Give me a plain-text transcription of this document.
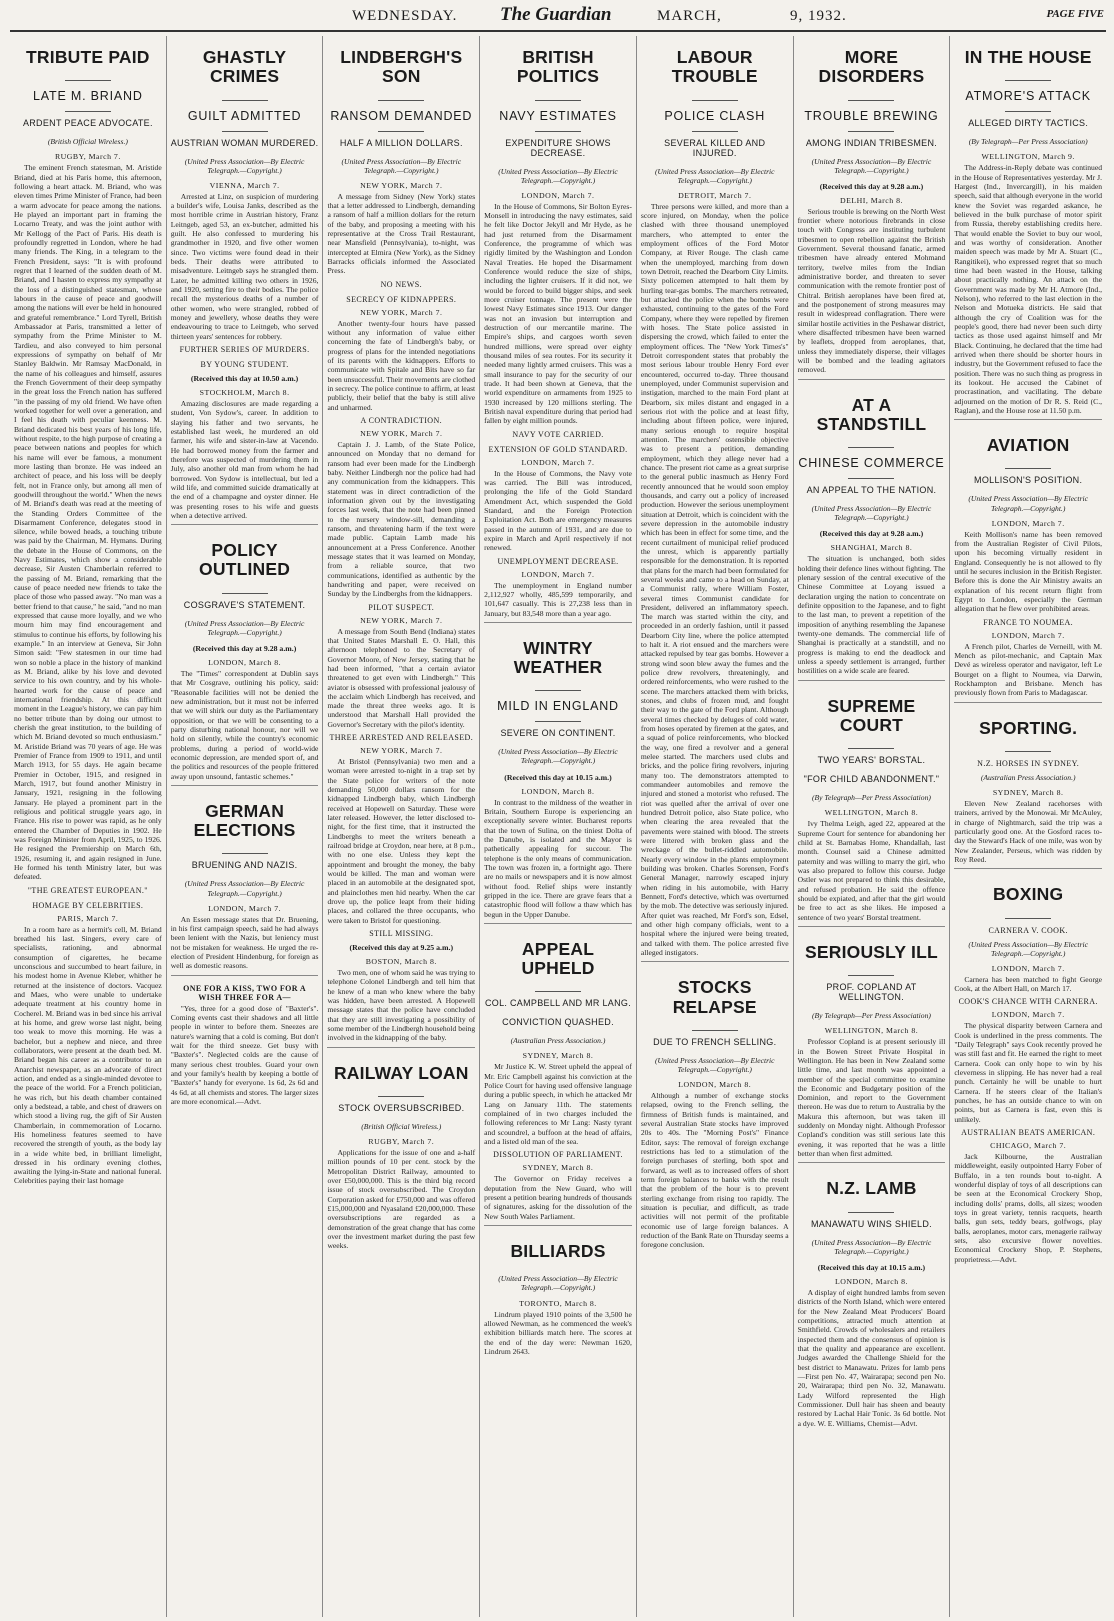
WEDNESDAY. The Guardian	MARCH,	9, 1932.	PAGE FIVE
TRIBUTE PAID
LATE M. BRIAND
ARDENT PEACE ADVOCATE.
(British Official Wireless.)
RUGBY, March 7.

The eminent French statesman, M. Aristide Briand, died at his Paris home, this afternoon, following a heart attack. M. Briand, who was eleven times Prime Minister of France, had been a warm advocate for peace among the nations. He played an important part in framing the Locarno Treaty, and was the joint author with Mr Kellogg of the Pact of Paris. His death is profoundly regretted in London, where he had many friends. The King, in a telegram to the French President, says: "It is with profound regret that I learned of the sudden death of M. Briand, and I hasten to express my sympathy at the loss of a distinguished statesman, whose labours in the cause of peace and goodwill among the nations will ever be held in honoured and grateful remembrance." Lord Tyrell, British Ambassador at Paris, transmitted a letter of sympathy from the Prime Minister to M. Tardieu, and also conveyed to him personal expressions of sympathy on behalf of Mr Stanley Baldwin. Mr Ramsay MacDonald, in the name of his colleagues and himself, assures the French Government of their deep sympathy in the great loss the French nation has suffered "in the passing of my old friend. We have often worked together for well over a generation, and I feel his death with peculiar keenness. M. Briand dedicated his best years of his long life, without respite, to the high purpose of creating a peace between nations and peoples for which his name will ever be famous, a monument more lasting than bronze. He was indeed an architect of peace, and his loss will be deeply felt, not in France only, but among all men of goodwill throughout the world." When the news of M. Briand's death was read at the meeting of the Standing Orders Committee of the Disarmament Conference, delegates stood in silence, while bowed heads, a touching tribute was paid by the Chairman, M. Hymans. During the debate in the House of Commons, on the Navy Estimates, which show a considerable decrease, Sir Austen Chamberlain referred to the passing of M. Briand, remarking that the cause of peace needed new friends to take the place of those who passed away. "No man was a better friend to that cause," he said, "and no man expressed that cause more loyally, and we who mourn him may find encouragement and stimulus to continue his efforts, by following his example." In an interview at Geneva, Sir John Simon said: "Few statesmen in our time had won so noble a place in the history of mankind as M. Briand, alike by his love and devoted service to his own country, and by his whole-hearted work for the cause of peace and international friendship. At this difficult moment in the League's history, we can pay him no better tribute than by doing our utmost to cherish the great institution, to the building of which M. Briand devoted so much enthusiasm." M. Aristide Briand was 70 years of age. He was Premier of France from 1909 to 1911, and until March 1913, for 55 days. He again became Premier in October, 1915, and resigned in March, 1917, but found another Ministry in January, 1921, resigning in the following January. He played a prominent part in the religious and political struggle years ago, in France. His rise to power was rapid, as he only entered the Chamber of Deputies in 1902. He was Foreign Minister from April, 1925, to 1926. He resigned the Premiership on March 6th, 1926, resuming it, and again resigned in June. He formed his tenth Ministry later, but was defeated.

"THE GREATEST EUROPEAN."
HOMAGE BY CELEBRITIES.
PARIS, March 7.

In a room hare as a hermit's cell, M. Briand breathed his last. Singers, every care of specialists, rationing, and abnormal consumption of cigarettes, he became unconscious and succumbed to heart failure, in his modest home in Avenue Kleber, whither he returned at the insistence of doctors. Vacquez and Maes, who were unable to undertake adequate treatment at his country home in Cocherel. M. Briand was in bed since his arrival at his home, and grew worse last night, being too weak to move this morning. He was a bachelor, but a nephew and niece, and three collaborators, were present at the death bed. M. Briand began his career as a contributor to an Anarchist newspaper, as an advocate of direct action, and ended as a single-minded devotee to the peace of the world. For a French politician, he was rich, but his death chamber contained only a bedstead, a table, and chest of drawers on which stood a living rug, the gift of Sir Austen Chamberlain, in commemoration of Locarno. His homeliness features seemed to have recovered the strength of youth, as the body lay in a wide white bed, in brilliant limelight, dressed in his ordinary evening clothes, awaiting the lying-in-State and national funeral. Celebrities paying their last homage

GHASTLY CRIMES
GUILT ADMITTED
AUSTRIAN WOMAN MURDERED.
(United Press Association—By Electric Telegraph.—Copyright.)
VIENNA, March 7.

Arrested at Linz, on suspicion of murdering a builder's wife, Louisa Janks, described as the most horrible crime in Austrian history, Franz Leitngeb, aged 53, an ex-butcher, admitted his guilt. He also confessed to murdering his grandmother in 1920, and five other women since. Two victims were found dead in their beds. Their deaths were attributed to misadventure. Leitngeb says he strangled them. Later, he admitted killing two others in 1926, and 1920, setting fire to their bodies. The police recall the mysterious deaths of a number of other women, who were strangled, robbed of money and jewellery, whose deaths they were endeavouring to trace to Leitngeb, who served thirteen years' sentences for robbery.

FURTHER SERIES OF MURDERS.
BY YOUNG STUDENT.
(Received this day at 10.50 a.m.)
STOCKHOLM, March 8.

Amazing disclosures are made regarding a student, Von Sydow's, career. In addition to slaying his father and two servants, he established last week, he murdered an old farmer, his wife and sister-in-law at Vacendo. He had borrowed money from the farmer and therefore was suspected of murdering them in July, also another old man from whom he had borrowed. Von Sydow is intellectual, but led a wild life, and committed suicide dramatically at the end of a champagne and oyster dinner. He was presenting roses to his wife and guests when a detective arrived.

POLICY OUTLINED
COSGRAVE'S STATEMENT.
(United Press Association—By Electric Telegraph.—Copyright.)
(Received this day at 9.28 a.m.)
LONDON, March 8.

The "Times" correspondent at Dublin says that Mr Cosgrave, outlining his policy, said: "Reasonable facilities will not be denied the new administration, but it must not be inferred that we will shirk our duty as the Parliamentary opposition, or that we will be consenting to a party disturbing national honour, nor will we hold on silently, while the country's economic problems, during a period of world-wide economic depression, are mended sport of, and the politics and resources of the people frittered away upon unsound, fantastic schemes."

GERMAN ELECTIONS
BRUENING AND NAZIS.
(United Press Association—By Electric Telegraph.—Copyright.)
LONDON, March 7.

An Essen message states that Dr. Bruening, in his first campaign speech, said he had always been lenient with the Nazis, but leniency must not be mistaken for weakness. He urged the re-election of President Hindenburg, for foreign as well as domestic reasons.

ONE FOR A KISS, TWO FOR A WISH THREE FOR A—

"Yes, three for a good dose of "Baxter's". Coming events cast their shadows and all little people in winter to before them. Sneezes are nature's warning that a cold is coming. But don't wait for the third sneeze. Get busy with "Baxter's". Neglected colds are the cause of many serious chest troubles. Guard your own and your family's health by keeping a bottle of "Baxter's" handy for everyone. 1s 6d, 2s 6d and 4s 6d, at all chemists and stores. The larger sizes are more economical.—Advt.

LINDBERGH'S SON
RANSOM DEMANDED
HALF A MILLION DOLLARS.
(United Press Association—By Electric Telegraph.—Copyright.)
NEW YORK, March 7.

A message from Sidney (New York) states that a letter addressed to Lindbergh, demanding a ransom of half a million dollars for the return of the baby, and proposing a meeting with his representative at the Cross Trail Restaurant, near Mansfield (Pennsylvania), to-night, was intercepted at Elmira (New York), as the Sidney Barracks officials informed the Associated Press.

NO NEWS.
SECRECY OF KIDNAPPERS.
NEW YORK, March 7.

Another twenty-four hours have passed without any information of value either concerning the fate of Lindbergh's baby, or progress of plans for the intended negotiations of its parents with the kidnappers. Efforts to communicate with Spitale and Bits have so far been unsuccessful. Their movements are clothed in secrecy. The police continue to affirm, at least publicly, their belief that the baby is still alive and unharmed.

A CONTRADICTION.
NEW YORK, March 7.

Captain J. J. Lamb, of the State Police, announced on Monday that no demand for ransom had ever been made for the Lindbergh baby. Neither Lindbergh nor the police had had any communication from the kidnappers. This statement was in direct contradiction of the information given out by the investigating forces last week, that the note had been pinned to the nursery window-sill, demanding a ransom, and threatening harm if the text were made public. Captain Lamb made his announcement at a Press Conference. Another message states that it was learned on Monday, from a reliable source, that two communications, identified as authentic by the handwriting and paper, were received on Sunday by the Lindberghs from the kidnappers.

PILOT SUSPECT.
NEW YORK, March 7.

A message from South Bend (Indiana) states that United States Marshall E. O. Hall, this afternoon telephoned to the Secretary of Governor Moore, of New Jersey, stating that he had been informed, "that a certain aviator threatened to get even with Lindbergh." This aviator is obsessed with professional jealousy of the acclaim which Lindbergh has received, and made the threat three weeks ago. It is understood that Marshall Hall provided the Governor's Secretary with the pilot's identity.

THREE ARRESTED AND RELEASED.
NEW YORK, March 7.

At Bristol (Pennsylvania) two men and a woman were arrested to-night in a trap set by the State police for writers of the note demanding 50,000 dollars ransom for the kidnapped Lindbergh baby, which Lindbergh received at Hopewell on Saturday. These were later released. However, the letter disclosed to-night, for the first time, that it instructed the Lindberghs to meet the writers beneath a railroad bridge at Croydon, near here, at 8 p.m., with no one else. Unless they kept the appointment and brought the money, the baby would be killed. The man and woman were placed in an automobile at the designated spot, and plainclothes men hid nearby. When the car drove up, the police leapt from their hiding places, and collared the three occupants, who were taken to Bristol for questioning.

STILL MISSING.
(Received this day at 9.25 a.m.)
BOSTON, March 8.

Two men, one of whom said he was trying to telephone Colonel Lindbergh and tell him that he knew of a man who knew where the baby was hidden, have been arrested. A Hopewell message states that the police have concluded that they are still investigating a possibility of some member of the Lindbergh household being involved in the kidnapping of the baby.

RAILWAY LOAN
STOCK OVERSUBSCRIBED.
(British Official Wireless.)
RUGBY, March 7.

Applications for the issue of one and a-half million pounds of 10 per cent. stock by the Metropolitan District Railway, amounted to over £50,000,000. This is the third big record issue of stock oversubscribed. The Croydon Corporation asked for £750,000 and was offered £15,000,000 and Nyasaland £20,000,000. These oversubscriptions are regarded as a demonstration of the great change that has come over the investment market during the past few weeks.

BRITISH POLITICS
NAVY ESTIMATES
EXPENDITURE SHOWS DECREASE.
(United Press Association—By Electric Telegraph.—Copyright.)
LONDON, March 7.

In the House of Commons, Sir Bolton Eyres-Monsell in introducing the navy estimates, said he felt like Doctor Jekyll and Mr Hyde, as he had just returned from the Disarmament Conference, the programme of which was rigidly limited by the Washington and London Naval Treaties. He hoped the Disarmament Conference would reduce the size of ships, including the lighter cruisers. If it did not, we would be forced to build bigger ships, and seek more cruiser tonnage. The present were the lowest Navy Estimates since 1913. Our danger was not an invasion but interruption and destruction of our mercantile marine. The Empire's ships, and cargoes worth seven hundred millions, were spread over eighty thousand miles of sea routes. For its security it needed many lightly armed cruisers. This was a small insurance to pay for the security of our trade. It had been shown at Geneva, that the world expenditure on armaments from 1925 to 1930 increased by 120 millions sterling. The British naval expenditure during that period had fallen by eight million pounds.

NAVY VOTE CARRIED.
EXTENSION OF GOLD STANDARD.
LONDON, March 7.

In the House of Commons, the Navy vote was carried. The Bill was introduced, prolonging the life of the Gold Standard Amendment Act, which suspended the Gold Standard, and the Foreign Protection Exploitation Act. Both are emergency measures passed in the autumn of 1931, and are due to expire in March and April respectively if not renewed.

UNEMPLOYMENT DECREASE.
LONDON, March 7.

The unemployment in England number 2,112,927 wholly, 485,599 temporarily, and 101,647 casually. This is 27,238 less than in January, but 83,548 more than a year ago.

WINTRY WEATHER
MILD IN ENGLAND
SEVERE ON CONTINENT.
(United Press Association—By Electric Telegraph.—Copyright.)
(Received this day at 10.15 a.m.)
LONDON, March 8.

In contrast to the mildness of the weather in Britain, Southern Europe is experiencing an exceptionally severe winter. Bucharest reports that the town of Sulina, on the tiniest Dolta of the Danube, is isolated and the Mayor is pathetically appealing for succour. The telephone is the only means of communication. The town was frozen in, a fortnight ago. There are no mails or newspapers and it is now almost without food. Relief ships were instantly gripped in the ice. There are grave fears that a catastrophic flood will follow a thaw which has begun in the Upper Danube.

APPEAL UPHELD
COL. CAMPBELL AND MR LANG.
CONVICTION QUASHED.
(Australian Press Association.)
SYDNEY, March 8.

Mr Justice K. W. Street upheld the appeal of Mr. Eric Campbell against his conviction at the Police Court for having used offensive language during a public speech, in which he attacked Mr Lang on January 11th. The statements complained of in two charges included the following references to Mr Lang: Nasty tyrant and scoundrel, a buffoon at the head of affairs, and a listed old man of the sea.

DISSOLUTION OF PARLIAMENT.
SYDNEY, March 8.

The Governor on Friday receives a deputation from the New Guard, who will present a petition bearing hundreds of thousands of signatures, asking for the dissolution of the New South Wales Parliament.

BILLIARDS
(United Press Association—By Electric Telegraph.—Copyright.)
TORONTO, March 8.

Lindrum played 1910 points of the 3,500 he allowed Newman, as he commenced the week's exhibition billiards match here. The scores at the end of the day were: Newman 1620, Lindrum 2643.

LABOUR TROUBLE
POLICE CLASH
SEVERAL KILLED AND INJURED.
(United Press Association—By Electric Telegraph.—Copyright.)
DETROIT, March 7.

Three persons were killed, and more than a score injured, on Monday, when the police clashed with three thousand unemployed marchers, who attempted to enter the employment offices of the Ford Motor Company, at River Rouge. The clash came when the unemployed, marching from down town Detroit, reached the Dearborn City Limits. Sixty policemen attempted to halt them by hurling tear-gas bombs. The marchers retreated, but attacked the police when the bombs were exhausted, continuing to the gates of the Ford Company, where they were repelled by firemen with hoses. The State police assisted in dispersing the crowd, which failed to enter the employment offices. The "New York Times's" Detroit correspondent states that probably the most serious labour trouble Henry Ford ever encountered, occurred to-day. Three thousand unemployed, under Communist supervision and instigation, marched to the main Ford plant at Dearborn, six miles distant and engaged in a serious riot with the police and at least fifty, including about fifteen police, were injured, many serious enough to require hospital attention. The marchers' ostensible objective was to present a petition, demanding employment, which they allege never had a chance. The present riot came as a great surprise to the general public inasmuch as Henry Ford recently announced that he would soon employ thousands, and carry out a policy of increased production. However the serious unemployment situation at Detroit, which is coincident with the severe depression in the automobile industry which has been in effect for some time, and the recent curtailment of municipal relief produced the unrest, which is apparently partially responsible for the demonstration. It is reported that plans for the march had been formulated for several weeks and came to a head on Sunday, at a Communist rally, where William Foster, several times Communist candidate for President, delivered an inflammatory speech. The march was started within the city, and proceeded in an orderly fashion, until it passed Dearborn City line, where the police attempted to halt it. A riot ensued and the marchers were attacked repulsed by tear gas bombs. However a strong wind soon blew away the fumes and the police drew revolvers, threateningly, and ordered reinforcements, who were rushed to the scene. The marchers attacked them with bricks, stones, and clubs of frozen mud, and fought their way to the gate of the Ford plant. Although several times checked by deluges of cold water, from hoses operated by firemen at the gates, and a squad of police reinforcements, who blocked the way, one fired a revolver and a general melee started. The marchers used clubs and bricks, and the police firing revolvers, injuring many too. The demonstrators attempted to commandeer automobiles and remove the injured and stoned a motorist who refused. The riot was quelled after the arrival of over one hundred Detroit police, also State police, who when clearing the area revealed that the pavements were stained with blood. The streets were littered with broken glass and the wreckage of the bullet-riddled automobile. Nearly every window in the plants employment building was broken. Charles Sorensen, Ford's General Manager, narrowly escaped injury when riding in his automobile, with Harry Bennett, Ford's detective, which was overturned by the mob. The detective was seriously injured. After quiet was reached, Mr Ford's son, Edsel, and other high company officials, went to a hospital where the injured were being treated, and talked with them. The police arrested five alleged instigators.

STOCKS RELAPSE
DUE TO FRENCH SELLING.
(United Press Association—By Electric Telegraph.—Copyright.)
LONDON, March 8.

Although a number of exchange stocks relapsed, owing to the French selling, the firmness of British funds is maintained, and several Australian State stocks have improved 20s to 40s. The "Morning Post's" Finance Editor, says: The removal of foreign exchange restrictions has led to a stimulation of the foreign purchases of sterling, both spot and forward, as well as to increased offers of short term foreign balances to banks with the result that the problem of the hour is to prevent sterling exchange from rising too rapidly. The situation is peculiar, and difficult, as trade activities will not permit of the profitable economic use of large foreign balances. A reduction of the Bank Rate on Thursday seems a foregone conclusion.

MORE DISORDERS
TROUBLE BREWING
AMONG INDIAN TRIBESMEN.
(United Press Association—By Electric Telegraph.—Copyright.)
(Received this day at 9.28 a.m.)
DELHI, March 8.

Serious trouble is brewing on the North West frontier where notorious firebrands in close touch with Congress are instituting turbulent tribesmen to open rebellion against the British Government. Several thousand fanatic, armed tribesmen have already entered Mohmand territory, twelve miles from the Indian administrative border, and threaten to sever communication with the remote frontier post of Chitral. British aeroplanes have been fired at, and the postponement of strong measures may result in widespread conflagration. There were similar hostile activities in the Peshawar district, where disaffected tribesmen have been warned by leaflets, dropped from aeroplanes, that, unless they immediately disperse, their villages will be bombed and the leading agitators removed.

AT A STANDSTILL
CHINESE COMMERCE
AN APPEAL TO THE NATION.
(United Press Association—By Electric Telegraph.—Copyright.)
(Received this day at 9.28 a.m.)
SHANGHAI, March 8.

The situation is unchanged, both sides holding their defence lines without fighting. The plenary session of the central executive of the Chinese Committee at Loyang issued a declaration urging the nation to concentrate on definite opposition to the Japanese, and to fight to the last man, to prevent a repetition of the imposition of anything resembling the Japanese twenty-one demands. The commercial life of Shanghai is practically at a standstill, and no progress is making to end the deadlock and unless a speedy settlement is arranged, further hostilities on a wide scale are feared.

SUPREME COURT
TWO YEARS' BORSTAL.
"FOR CHILD ABANDONMENT."
(By Telegraph—Per Press Association)
WELLINGTON, March 8.

Ivy Thelma Leigh, aged 22, appeared at the Supreme Court for sentence for abandoning her child at St. Barnabas Home, Khandallah, last month. Counsel said a Chinese admitted paternity and was willing to marry the girl, who was also prepared to follow this course. Judge Ostler was not prepared to think this desirable, and refused probation. He said the offence should be expiated, and after that the girl would be free to act as she likes. He imposed a sentence of two years' Borstal treatment.

SERIOUSLY ILL
PROF. COPLAND AT WELLINGTON.
(By Telegraph—Per Press Association)
WELLINGTON, March 8.

Professor Copland is at present seriously ill in the Bowen Street Private Hospital in Wellington. He has been in New Zealand some little time, and last month was appointed a member of the special committee to examine the Economic and Budgetary position of the Dominion, and report to the Government thereon. He was due to return to Australia by the Makura this afternoon, but was taken ill suddenly on Monday night. Although Professor Copland's condition was still serious late this evening, it was reported that he was a little better than when first admitted.

N.Z. LAMB
MANAWATU WINS SHIELD.
(United Press Association—By Electric Telegraph.—Copyright.)
(Received this day at 10.15 a.m.)
LONDON, March 8.

A display of eight hundred lambs from seven districts of the North Island, which were entered for the New Zealand Meat Producers' Board competitions, attracted much attention at Smithfield. Crowds of wholesalers and retailers inspected them and the consensus of opinion is that the quality and appearance are excellent. Judges awarded the Challenge Shield for the best district to Manawatu. Prizes for lamb pens—First pen No. 47, Wairarapa; second pen No. 20, Wairarapa; third pen No. 32, Manawatu. Lady Wilford represented the High Commissioner. Dull hair has sheen and beauty restored by Lachal Hair Tonic. 3s 6d bottle. Not a dye. W. E. Williams, Chemist—Advt.

IN THE HOUSE
ATMORE'S ATTACK
ALLEGED DIRTY TACTICS.
(By Telegraph—Per Press Association)
WELLINGTON, March 9.

The Address-in-Reply debate was continued in the House of Representatives yesterday. Mr J. Hargest (Ind., Invercargill), in his maiden speech, said that although everyone in the world knew the Soviet was regarded askance, he believed in the bulk purchase of motor spirit from Russia, thereby establishing credits here. That would enable the Soviet to buy our wool, and was worthy of consideration. Another maiden speech was made by Mr A. Stuart (C., Rangitikei), who expressed regret that so much time had been wasted in the House, talking about practically nothing. An attack on the Government was made by Mr H. Atmore (Ind., Nelson), who referred to the last election in the Nelson and Motueka districts. He said that although the cry of Coalition was for the people's good, there had never been such dirty tactics as those used against himself and Mr Black. Continuing, he declared that the time had arrived when there should be shorter hours in industry, but the Government refused to face the position. There was no such thing as progress in its lookout. He accused the Cabinet of procrastination, and vacillating. The debate adjourned on the motion of Dr R. S. Reid (C., Raglan), and the House rose at 11.50 p.m.

AVIATION
MOLLISON'S POSITION.
(United Press Association—By Electric Telegraph.—Copyright.)
LONDON, March 7.

Keith Mollison's name has been removed from the Australian Register of Civil Pilots, upon his becoming virtually resident in England. Consequently he is not allowed to fly until he secures inclusion in the British Register. Before this is done the Air Ministry awaits an explanation of his recent return flight from Egypt to London, especially the German allegation that he flew over prohibited areas.

FRANCE TO NOUMEA.
LONDON, March 7.

A French pilot, Charles de Verneill, with M. Mench as pilot-mechanic, and Captain Max Devé as wireless operator and navigator, left Le Bourget on a flight to Noumea, via Darwin, Rockhampton and Brisbane. Mench has previously flown from Paris to Madagascar.

SPORTING.
N.Z. HORSES IN SYDNEY.
(Australian Press Association.)
SYDNEY, March 8.

Eleven New Zealand racehorses with trainers, arrived by the Monowai. Mr McAuley, in charge of Nightmarch, said the trip was a particularly good one. At the Gosford races to-day the Steward's Hack of one mile, was won by New Zealander, Perseus, which was ridden by Roy Reed.

BOXING
CARNERA V. COOK.
(United Press Association—By Electric Telegraph.—Copyright.)
LONDON, March 7.

Carnera has been matched to fight George Cook, at the Albert Hall, on March 17.

COOK'S CHANCE WITH CARNERA.
LONDON, March 7.

The physical disparity between Carnera and Cook is underlined in the press comments. The "Daily Telegraph" says Cook recently proved he was still fast and fit. He earned the right to meet Carnera. Cook can only hope to win by his cleverness in slipping. He has never had a real punch. Certainly he will be unable to hurt Carnera. If he steers clear of the Italian's punches, he has an outside chance to win on points, but as Carnera is fast, even this is unlikely.

AUSTRALIAN BEATS AMERICAN.
CHICAGO, March 7.

Jack Kilbourne, the Australian middleweight, easily outpointed Harry Fober of Buffalo, in a ten rounds bout to-night. A wonderful display of toys of all descriptions can be seen at the Economical Crockery Shop, including dolls' prams, dolls, all sizes; wooden toys in great variety, tennis racquets, hearth balls, gun sets, teddy bears, golfwogs, play balls, aeroplanes, motor cars, menagerie railway sets, also excursive flower novelties. Economical Crockery Shop, P. Stephens, proprietress.—Advt.
